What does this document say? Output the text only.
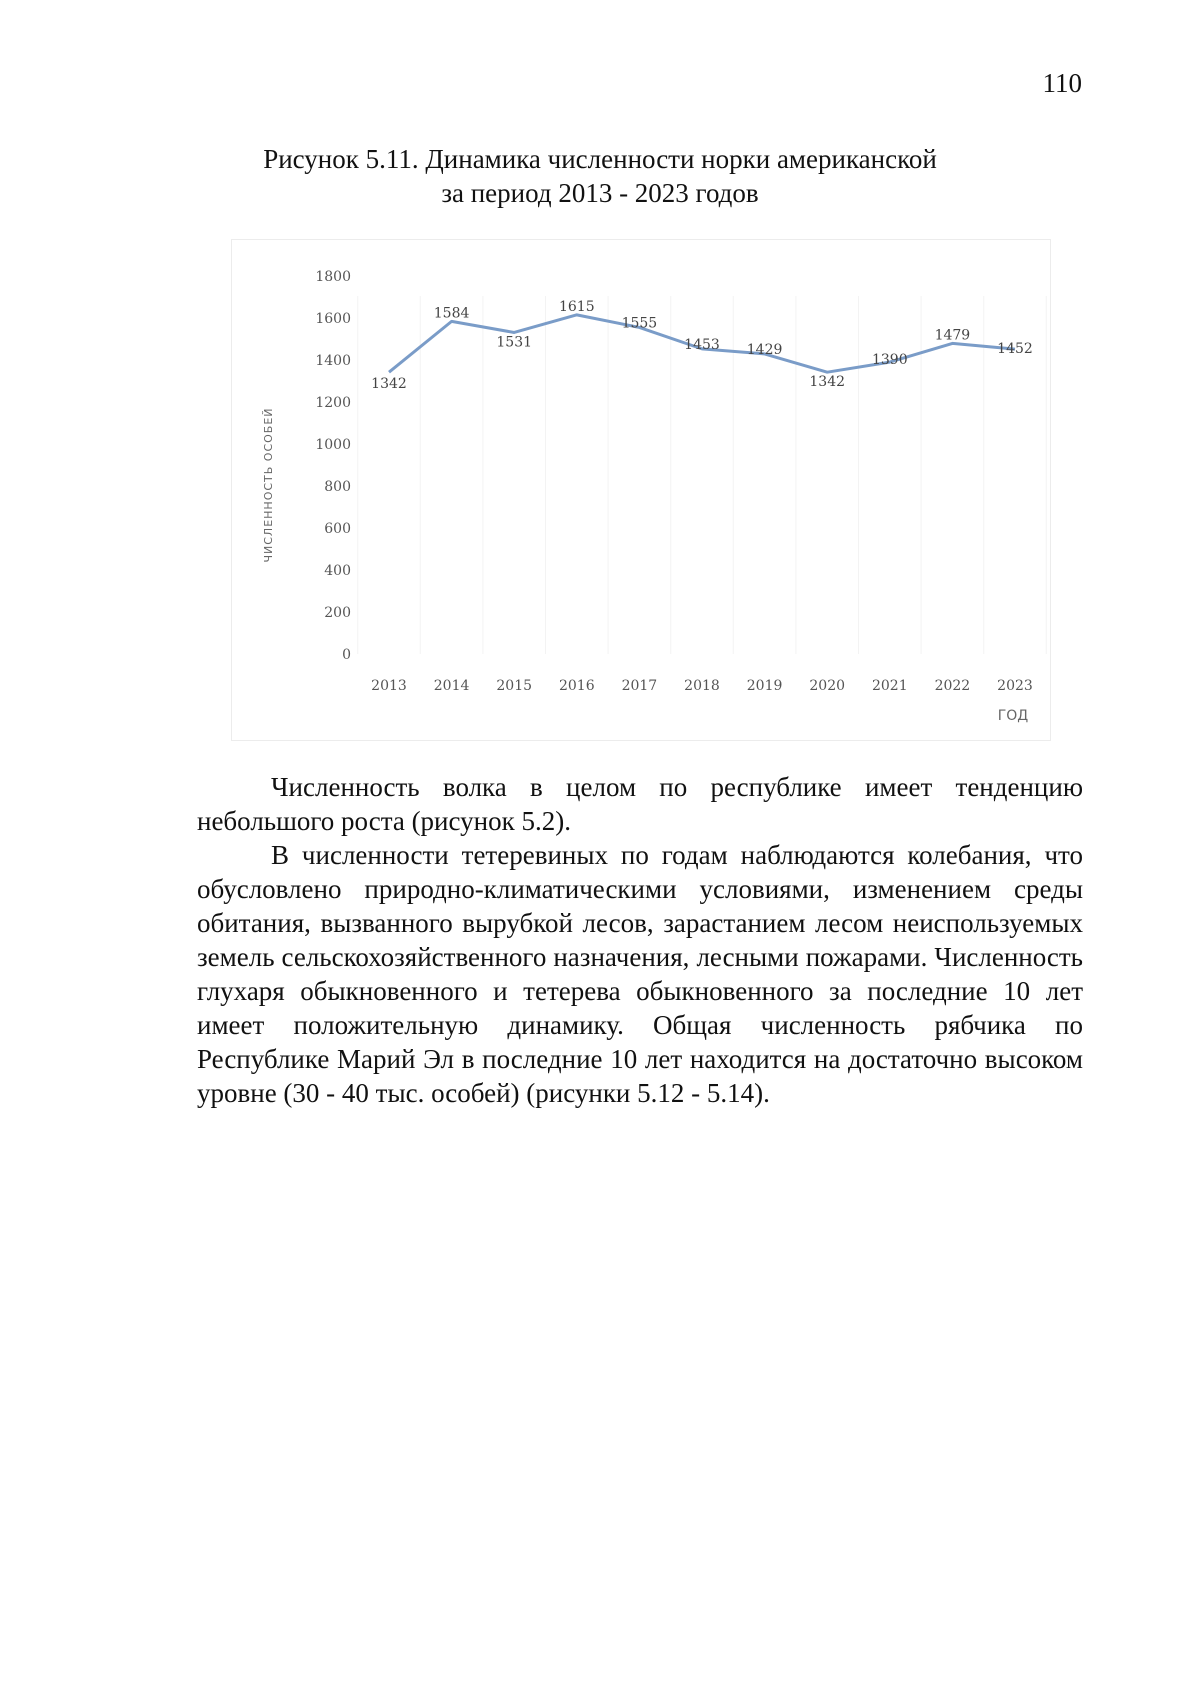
110
Рисунок 5.11. Динамика численности норки американской
за период 2013 - 2023 годов
0
200
400
600
800
1000
1200
1400
1600
1800
2013 2014 2015 2016 2017 2018 2019 2020 2021 2022 2023
1342
1584
1531
1615
1555
1453 1429
1342
1390
1479
1452
ЧИСЛЕННОСТЬ ОСОБЕЙ
ГОД

Численность волка в целом по республике имеет тенденцию небольшого роста (рисунок 5.2).

В численности тетеревиных по годам наблюдаются колебания, что обусловлено природно-климатическими условиями, изменением среды обитания, вызванного вырубкой лесов, зарастанием лесом неиспользуемых земель сельскохозяйственного назначения, лесными пожарами. Численность глухаря обыкновенного и тетерева обыкновенного за последние 10 лет имеет положительную динамику. Общая численность рябчика по Республике Марий Эл в последние 10 лет находится на достаточно высоком уровне (30 - 40 тыс. особей) (рисунки 5.12 - 5.14).
